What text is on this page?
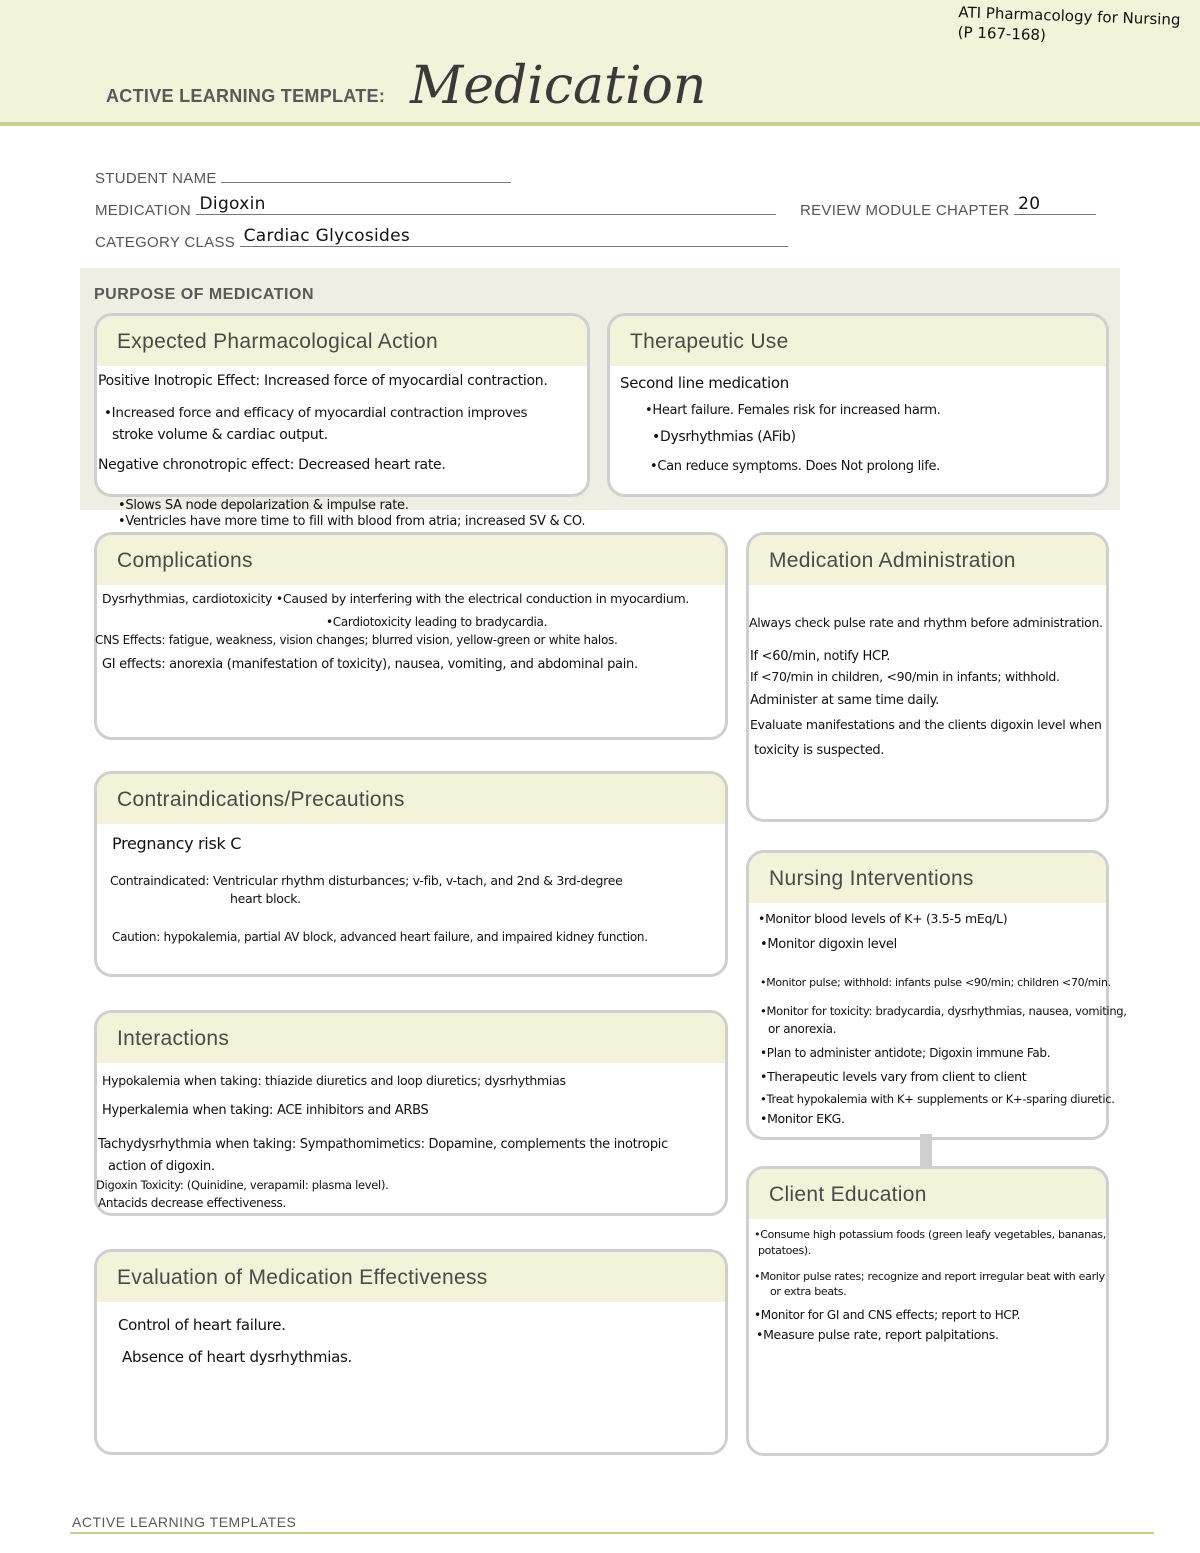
ACTIVE LEARNING TEMPLATE: Medication
ATI Pharmacology for Nursing
(P 167-168)
STUDENT NAME
MEDICATION Digoxin	REVIEW MODULE CHAPTER 20
CATEGORY CLASS Cardiac Glycosides
PURPOSE OF MEDICATION
Expected Pharmacological Action
Positive Inotropic Effect: Increased force of myocardial contraction.
•Increased force and efficacy of myocardial contraction improves
stroke volume & cardiac output.
Negative chronotropic effect: Decreased heart rate.
•Slows SA node depolarization & impulse rate.
•Ventricles have more time to fill with blood from atria; increased SV & CO.
Therapeutic Use
Second line medication
•Heart failure. Females risk for increased harm.
•Dysrhythmias (AFib)
•Can reduce symptoms. Does Not prolong life.
Complications
Dysrhythmias, cardiotoxicity •Caused by interfering with the electrical conduction in myocardium.
•Cardiotoxicity leading to bradycardia.
CNS Effects: fatigue, weakness, vision changes; blurred vision, yellow-green or white halos.
GI effects: anorexia (manifestation of toxicity), nausea, vomiting, and abdominal pain.
Medication Administration
Always check pulse rate and rhythm before administration.
If <60/min, notify HCP.
If <70/min in children, <90/min in infants; withhold.
Administer at same time daily.
Evaluate manifestations and the clients digoxin level when
toxicity is suspected.
Contraindications/Precautions
Pregnancy risk C
Contraindicated: Ventricular rhythm disturbances; v-fib, v-tach, and 2nd & 3rd-degree
heart block.
Caution: hypokalemia, partial AV block, advanced heart failure, and impaired kidney function.
Nursing Interventions
•Monitor blood levels of K+ (3.5-5 mEq/L)
•Monitor digoxin level
•Monitor pulse; withhold: infants pulse <90/min; children <70/min.
•Monitor for toxicity: bradycardia, dysrhythmias, nausea, vomiting,
or anorexia.
•Plan to administer antidote; Digoxin immune Fab.
•Therapeutic levels vary from client to client
•Treat hypokalemia with K+ supplements or K+-sparing diuretic.
•Monitor EKG.
Interactions
Hypokalemia when taking: thiazide diuretics and loop diuretics; dysrhythmias
Hyperkalemia when taking: ACE inhibitors and ARBS
Tachydysrhythmia when taking: Sympathomimetics: Dopamine, complements the inotropic
action of digoxin.
Digoxin Toxicity: (Quinidine, verapamil: plasma level).
Antacids decrease effectiveness.	Client Education
•Consume high potassium foods (green leafy vegetables, bananas,
potatoes).
•Monitor pulse rates; recognize and report irregular beat with early
or extra beats.
•Monitor for GI and CNS effects; report to HCP.
•Measure pulse rate, report palpitations.
Evaluation of Medication Effectiveness
Control of heart failure.
Absence of heart dysrhythmias.
ACTIVE LEARNING TEMPLATES
